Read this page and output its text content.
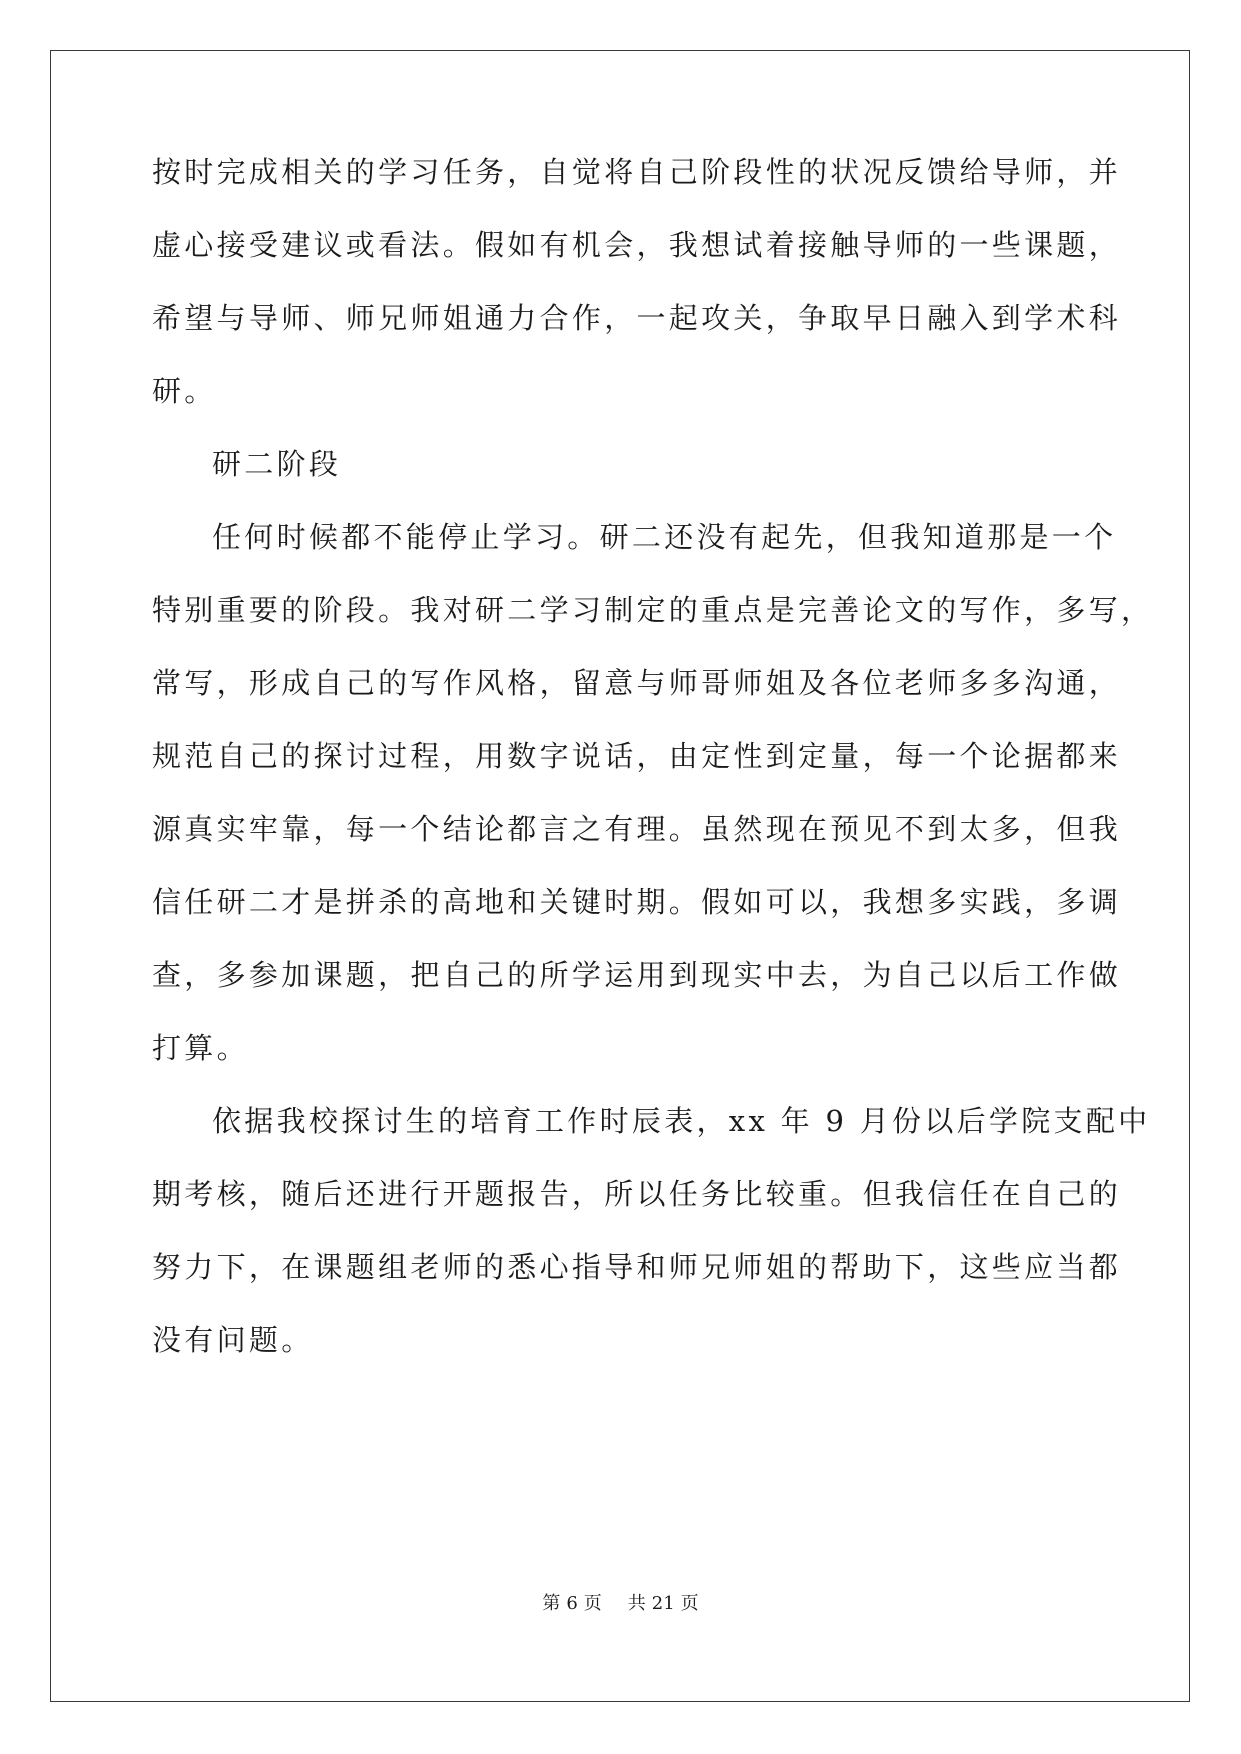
按时完成相关的学习任务，自觉将自己阶段性的状况反馈给导师，并

虚心接受建议或看法。假如有机会，我想试着接触导师的一些课题，

希望与导师、师兄师姐通力合作，一起攻关，争取早日融入到学术科

研。

研二阶段

任何时候都不能停止学习。研二还没有起先，但我知道那是一个

特别重要的阶段。我对研二学习制定的重点是完善论文的写作，多写，

常写，形成自己的写作风格，留意与师哥师姐及各位老师多多沟通，

规范自己的探讨过程，用数字说话，由定性到定量，每一个论据都来

源真实牢靠，每一个结论都言之有理。虽然现在预见不到太多，但我

信任研二才是拼杀的高地和关键时期。假如可以，我想多实践，多调

查，多参加课题，把自己的所学运用到现实中去，为自己以后工作做

打算。

依据我校探讨生的培育工作时辰表，xx 年 9 月份以后学院支配中

期考核，随后还进行开题报告，所以任务比较重。但我信任在自己的

努力下，在课题组老师的悉心指导和师兄师姐的帮助下，这些应当都

没有问题。

第 6 页 共 21 页
